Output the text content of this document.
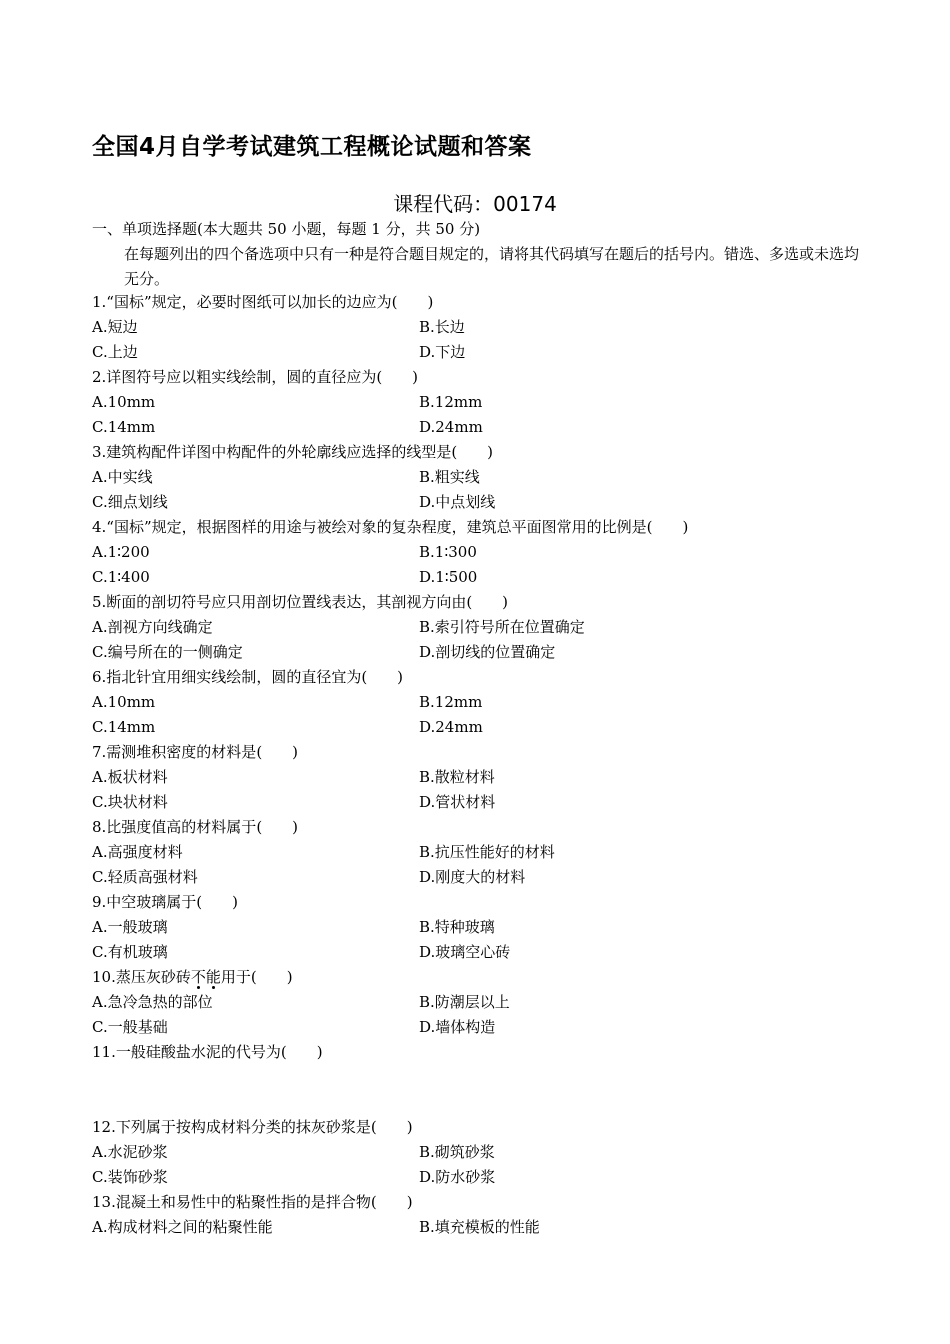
全国4月自学考试建筑工程概论试题和答案
课程代码：00174
一、单项选择题(本大题共 50 小题，每题 1 分，共 50 分)
在每题列出的四个备选项中只有一种是符合题目规定的，请将其代码填写在题后的括号内。错选、多选或未选均无分。
1.“国标”规定，必要时图纸可以加长的边应为(　　)
A.短边	B.长边
C.上边	D.下边
2.详图符号应以粗实线绘制，圆的直径应为(　　)
A.10mm	B.12mm
C.14mm	D.24mm
3.建筑构配件详图中构配件的外轮廓线应选择的线型是(　　)
A.中实线	B.粗实线
C.细点划线	D.中点划线
4.“国标”规定，根据图样的用途与被绘对象的复杂程度，建筑总平面图常用的比例是(　　)
A.1∶200	B.1∶300
C.1∶400	D.1∶500
5.断面的剖切符号应只用剖切位置线表达，其剖视方向由(　　)
A.剖视方向线确定	B.索引符号所在位置确定
C.编号所在的一侧确定	D.剖切线的位置确定
6.指北针宜用细实线绘制，圆的直径宜为(　　)
A.10mm	B.12mm
C.14mm	D.24mm
7.需测堆积密度的材料是(　　)
A.板状材料	B.散粒材料
C.块状材料	D.管状材料
8.比强度值高的材料属于(　　)
A.高强度材料	B.抗压性能好的材料
C.轻质高强材料	D.刚度大的材料
9.中空玻璃属于(　　)
A.一般玻璃	B.特种玻璃
C.有机玻璃	D.玻璃空心砖
10.蒸压灰砂砖不能用于(　　)
A.急冷急热的部位	B.防潮层以上
C.一般基础	D.墙体构造
11.一般硅酸盐水泥的代号为(　　)
12.下列属于按构成材料分类的抹灰砂浆是(　　)
A.水泥砂浆	B.砌筑砂浆
C.装饰砂浆	D.防水砂浆
13.混凝土和易性中的粘聚性指的是拌合物(　　)
A.构成材料之间的粘聚性能	B.填充模板的性能
